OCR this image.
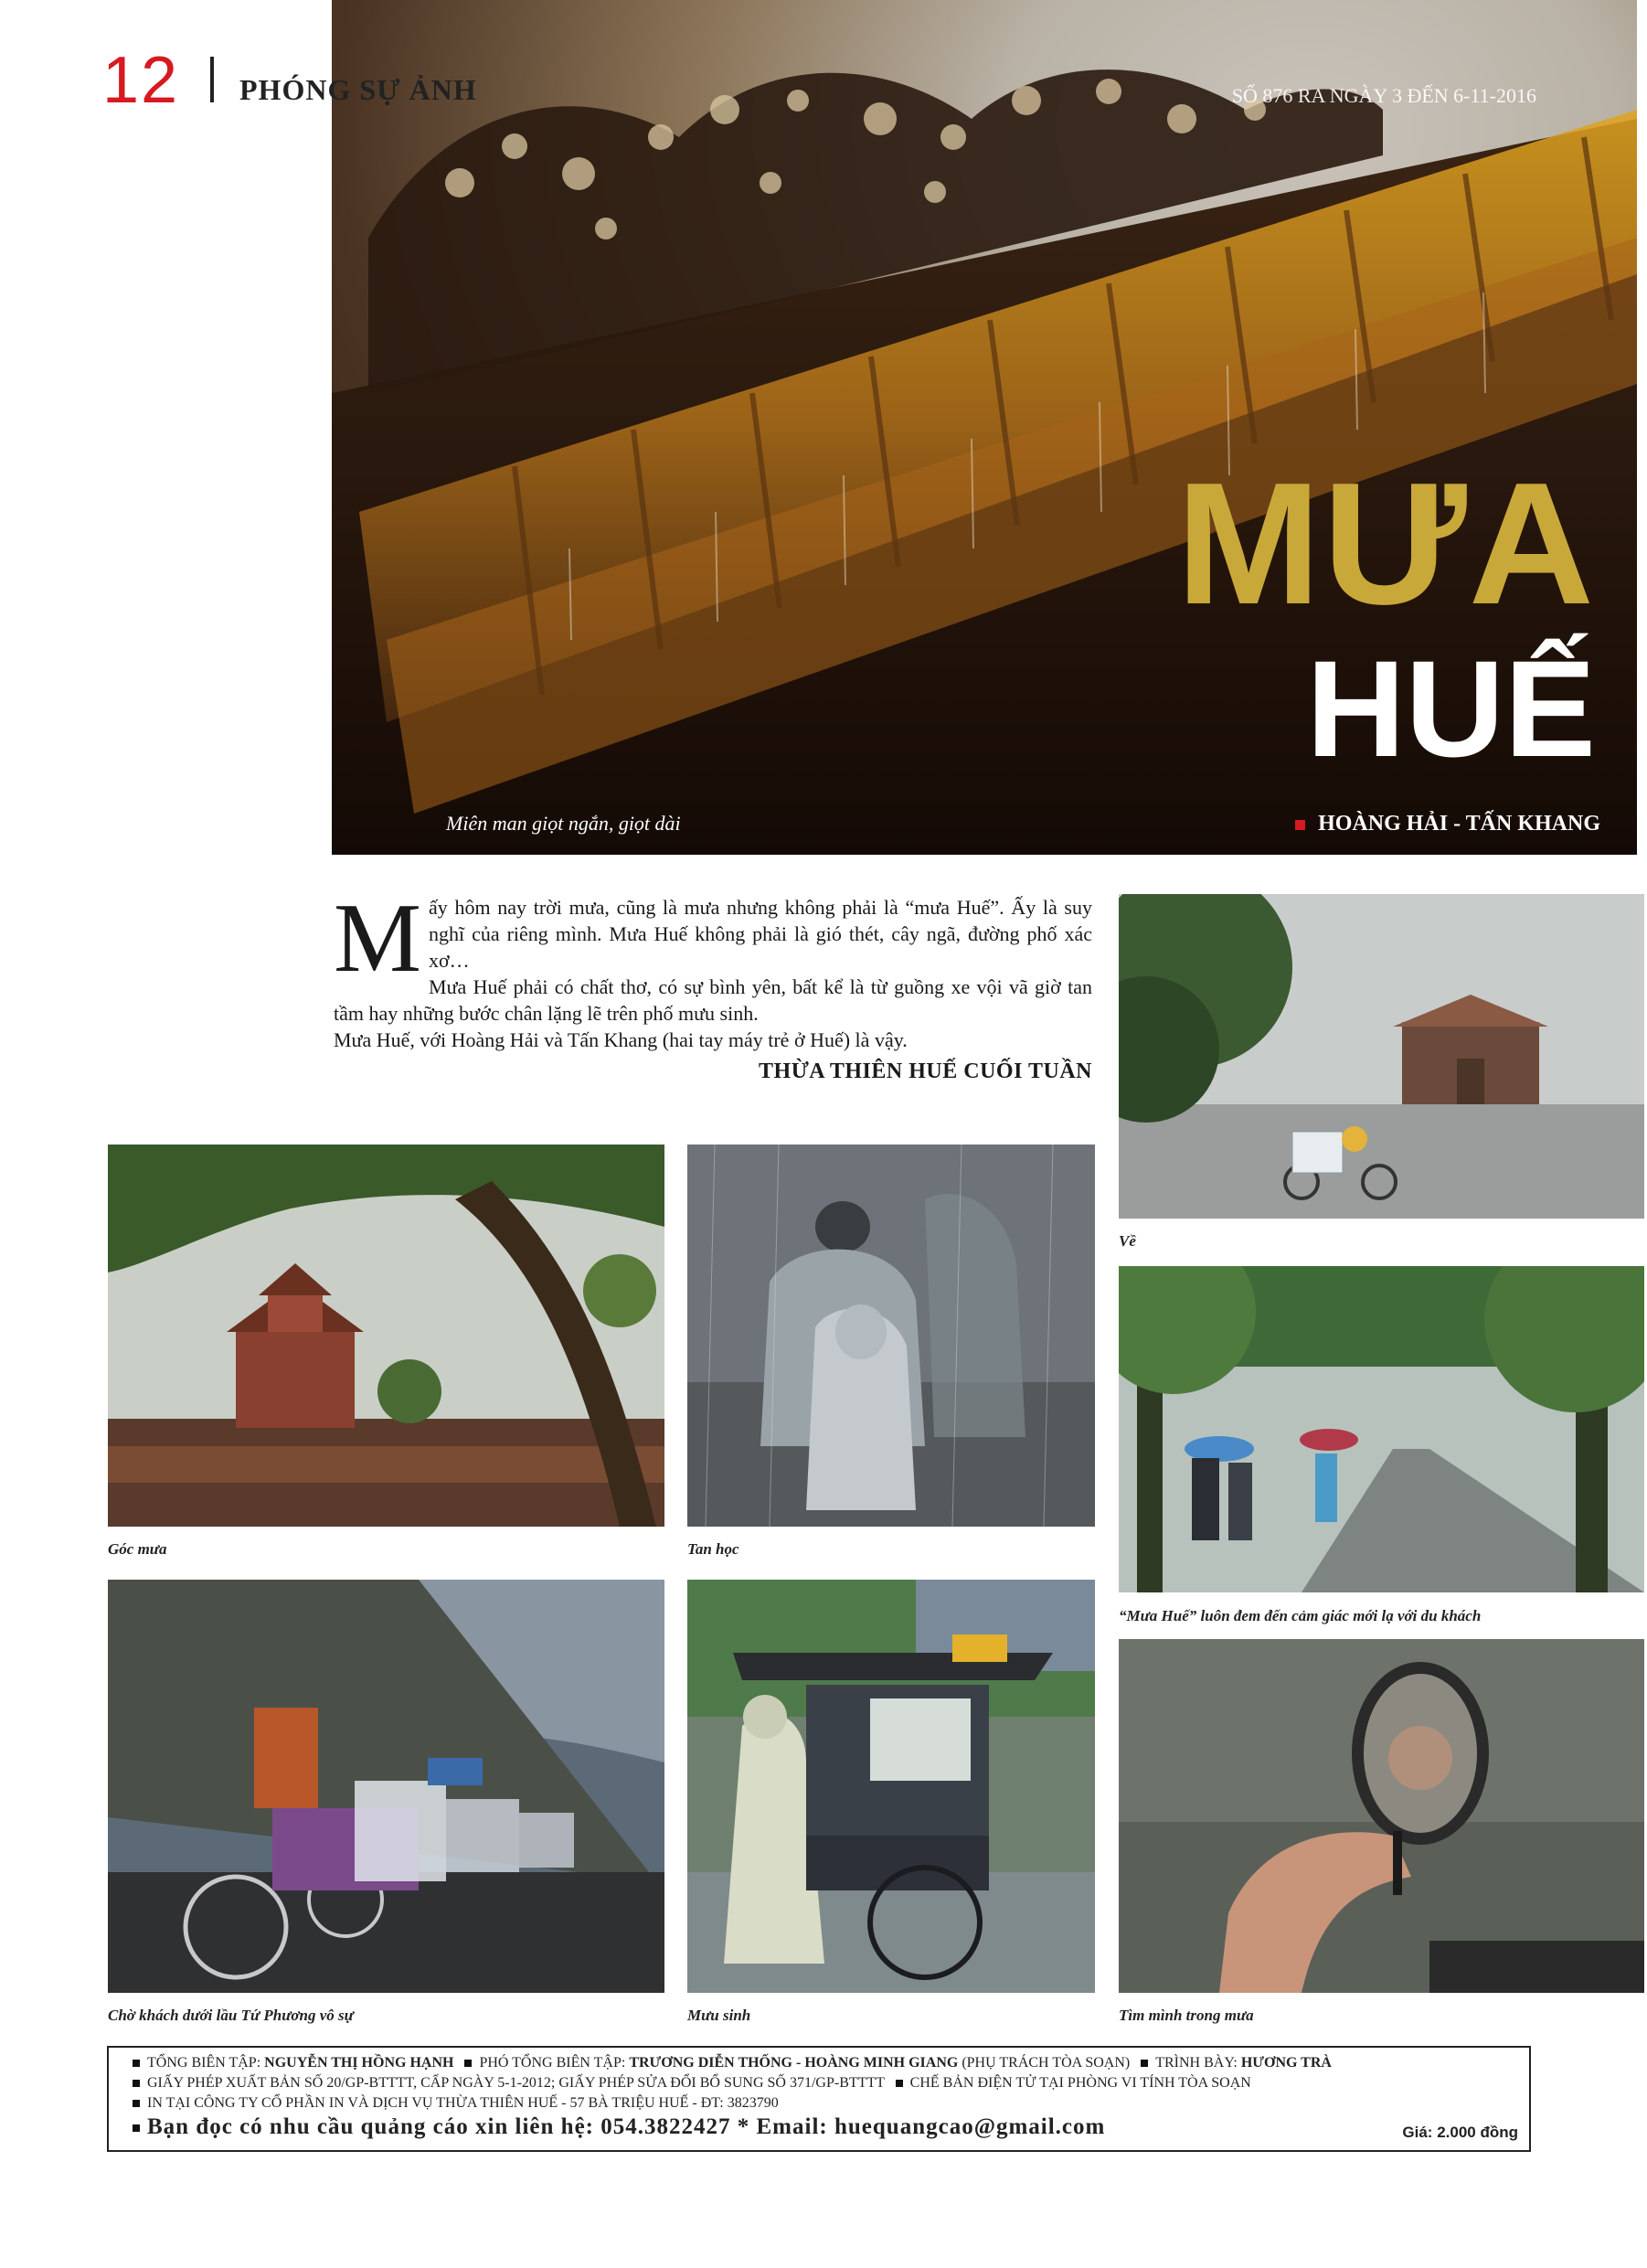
12 PHÓNG SỰ ẢNH	SỐ 876 RA NGÀY 3 ĐẾN 6-11-2016
MƯA
HUẾ
Miên man giọt ngắn, giọt dài	HOÀNG HẢI - TẤN KHANG
M ấy hôm nay trời mưa, cũng là mưa nhưng không phải là “mưa Huế”. Ấy là suy nghĩ của riêng mình. Mưa Huế không phải là gió thét, cây ngã, đường phố xác xơ…

Mưa Huế phải có chất thơ, có sự bình yên, bất kể là từ guồng xe vội vã giờ tan tầm hay những bước chân lặng lẽ trên phố mưu sinh.

Mưa Huế, với Hoàng Hải và Tấn Khang (hai tay máy trẻ ở Huế) là vậy.

THỪA THIÊN HUẾ CUỐI TUẦN
Về
Góc mưa	Tan học
“Mưa Huế” luôn đem đến cảm giác mới lạ với du khách
Chờ khách dưới lầu Tứ Phương vô sự	Mưu sinh	Tìm mình trong mưa
TỔNG BIÊN TẬP: NGUYỄN THỊ HỒNG HẠNH PHÓ TỔNG BIÊN TẬP: TRƯƠNG DIỄN THỐNG - HOÀNG MINH GIANG (PHỤ TRÁCH TÒA SOẠN) TRÌNH BÀY: HƯƠNG TRÀ
GIẤY PHÉP XUẤT BẢN SỐ 20/GP-BTTTT, CẤP NGÀY 5-1-2012; GIẤY PHÉP SỬA ĐỔI BỔ SUNG SỐ 371/GP-BTTTT CHẾ BẢN ĐIỆN TỬ TẠI PHÒNG VI TÍNH TÒA SOẠN
IN TẠI CÔNG TY CỔ PHẦN IN VÀ DỊCH VỤ THỪA THIÊN HUẾ - 57 BÀ TRIỆU HUẾ - ĐT: 3823790
Bạn đọc có nhu cầu quảng cáo xin liên hệ: 054.3822427 * Email: huequangcao@gmail.com	Giá: 2.000 đồng
